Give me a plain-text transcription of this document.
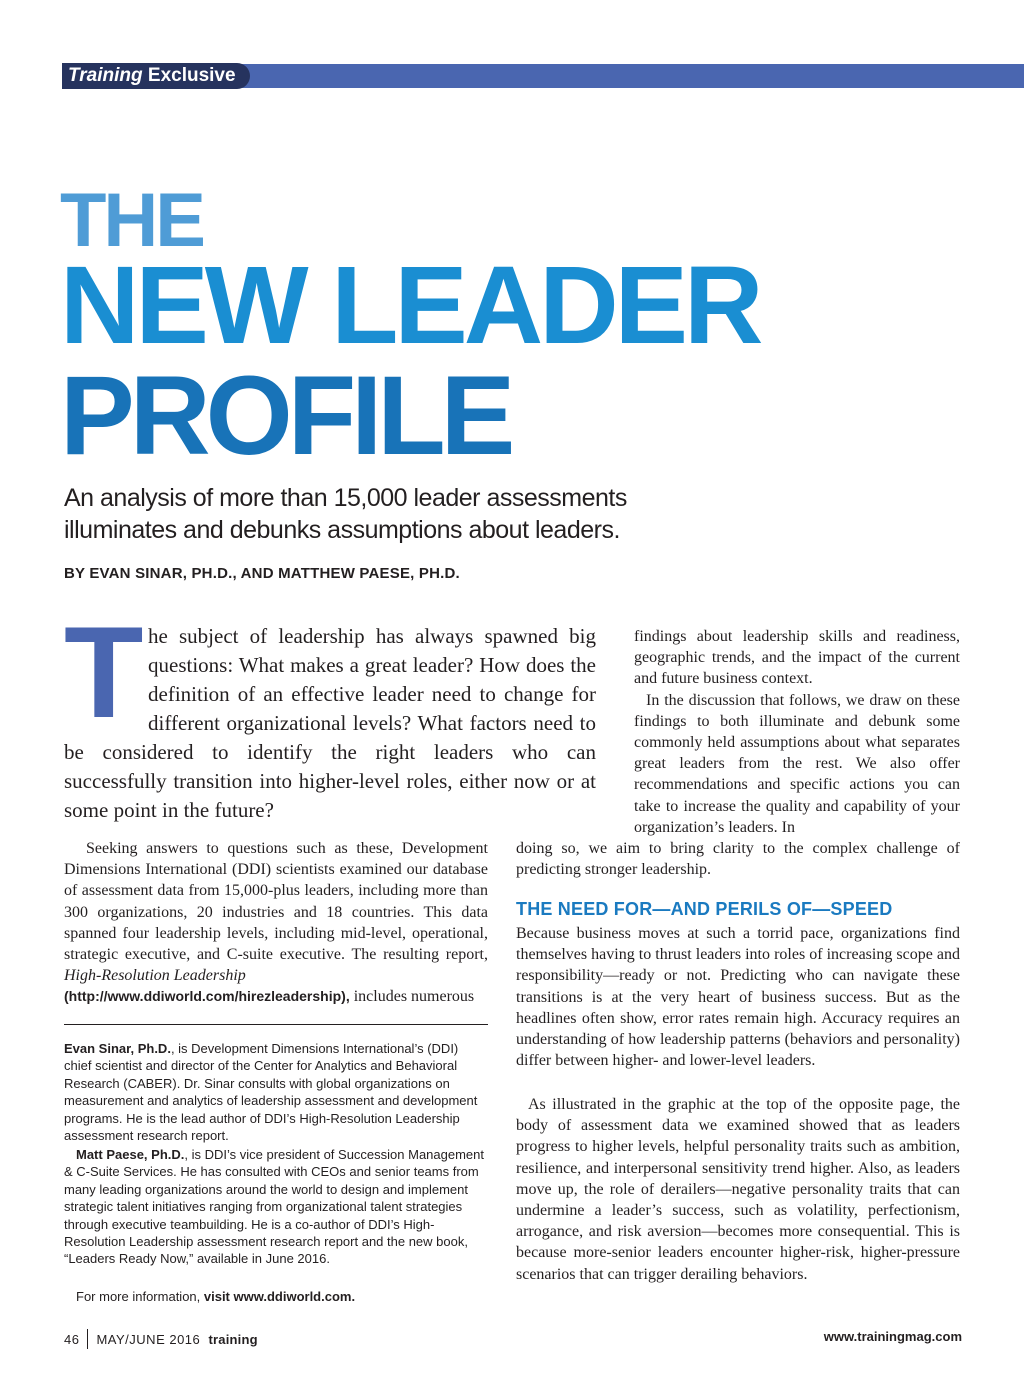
Training Exclusive
THE
NEW LEADER
PROFILE
An analysis of more than 15,000 leader assessments illuminates and debunks assumptions about leaders.
BY EVAN SINAR, PH.D., AND MATTHEW PAESE, PH.D.
T he subject of leadership has always spawned big questions: What makes a great leader? How does the definition of an effective leader need to change for different organizational levels? What factors need to be considered to identify the right leaders who can successfully transition into higher-level roles, either now or at some point in the future?

Seeking answers to questions such as these, Development Dimensions International (DDI) scientists examined our database of assessment data from 15,000-plus leaders, including more than 300 organizations, 20 industries and 18 countries. This data spanned four leadership levels, including mid-level, operational, strategic executive, and C-suite executive. The resulting report, High-Resolution Leadership
(http://www.ddiworld.com/hirezleadership), includes numerous

Evan Sinar, Ph.D., is Development Dimensions International’s (DDI) chief scientist and director of the Center for Analytics and Behavioral Research (CABER). Dr. Sinar consults with global organizations on measurement and analytics of leadership assessment and development programs. He is the lead author of DDI’s High-Resolution Leadership assessment research report.

Matt Paese, Ph.D., is DDI’s vice president of Succession Management & C-Suite Services. He has consulted with CEOs and senior teams from many leading organizations around the world to design and implement strategic talent initiatives ranging from organizational talent strategies through executive teambuilding. He is a co-author of DDI’s High-Resolution Leadership assessment research report and the new book, “Leaders Ready Now,” available in June 2016.

For more information, visit www.ddiworld.com.

findings about leadership skills and readiness, geographic trends, and the impact of the current and future business context.

In the discussion that follows, we draw on these findings to both illuminate and debunk some commonly held assumptions about what separates great leaders from the rest. We also offer recommendations and specific actions you can take to increase the quality and capability of your organization’s leaders. In

doing so, we aim to bring clarity to the complex challenge of predicting stronger leadership.

THE NEED FOR—AND PERILS OF—SPEED

Because business moves at such a torrid pace, organizations find themselves having to thrust leaders into roles of increasing scope and responsibility—ready or not. Predicting who can navigate these transitions is at the very heart of business success. But as the headlines often show, error rates remain high. Accuracy requires an understanding of how leadership patterns (behaviors and personality) differ between higher- and lower-level leaders.

As illustrated in the graphic at the top of the opposite page, the body of assessment data we examined showed that as leaders progress to higher levels, helpful personality traits such as ambition, resilience, and interpersonal sensitivity trend higher. Also, as leaders move up, the role of derailers—negative personality traits that can undermine a leader’s success, such as volatility, perfectionism, arrogance, and risk aversion—becomes more consequential. This is because more-senior leaders encounter higher-risk, higher-pressure scenarios that can trigger derailing behaviors.

46 MAY/JUNE 2016 training	www.trainingmag.com
